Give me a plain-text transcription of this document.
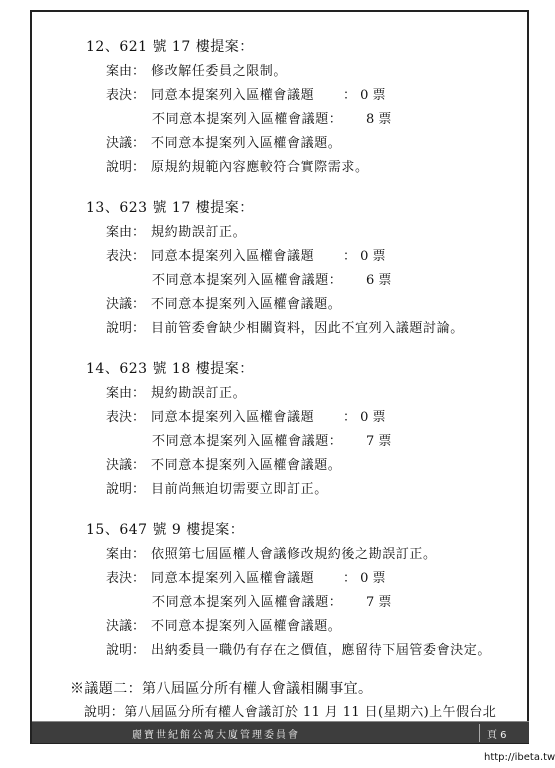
12、621 號 17 樓提案：
案由： 修改解任委員之限制。
表決： 同意本提案列入區權會議題 ： 0 票
不同意本提案列入區權會議題： 8 票
決議： 不同意本提案列入區權會議題。
說明： 原規約規範內容應較符合實際需求。
13、623 號 17 樓提案：
案由： 規約勘誤訂正。
表決： 同意本提案列入區權會議題 ： 0 票
不同意本提案列入區權會議題： 6 票
決議： 不同意本提案列入區權會議題。
說明： 目前管委會缺少相關資料，因此不宜列入議題討論。
14、623 號 18 樓提案：
案由： 規約勘誤訂正。
表決： 同意本提案列入區權會議題 ： 0 票
不同意本提案列入區權會議題： 7 票
決議： 不同意本提案列入區權會議題。
說明： 目前尚無迫切需要立即訂正。
15、647 號 9 樓提案：
案由： 依照第七屆區權人會議修改規約後之勘誤訂正。
表決： 同意本提案列入區權會議題 ： 0 票
不同意本提案列入區權會議題： 7 票
決議： 不同意本提案列入區權會議題。
說明： 出納委員一職仍有存在之價值，應留待下屆管委會決定。
※議題二：第八屆區分所有權人會議相關事宜。
說明：第八屆區分所有權人會議訂於 11 月 11 日(星期六)上午假台北
麗寶世紀館公寓大廈管理委員會	頁 6
http://ibeta.tw
